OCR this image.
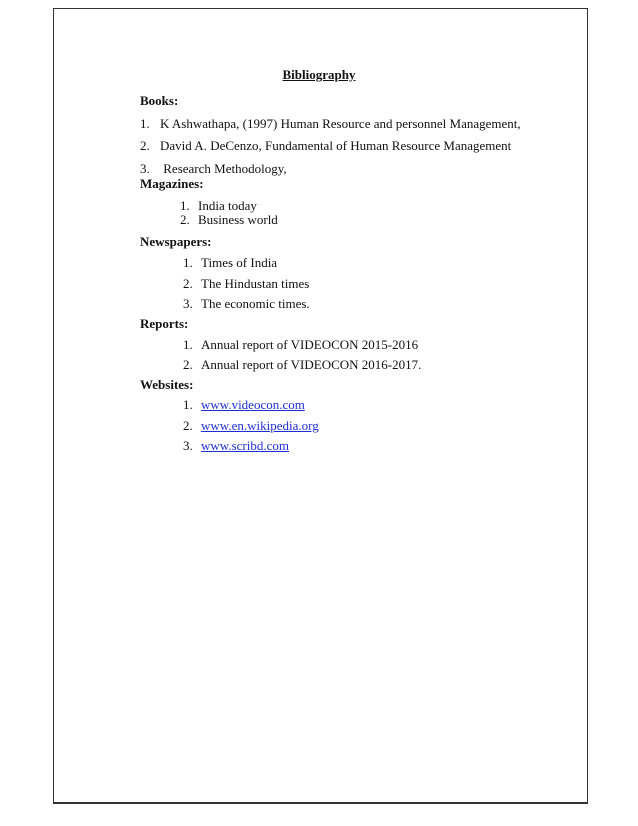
Bibliography
Books:
1. K Ashwathapa, (1997) Human Resource and personnel Management,
2. David A. DeCenzo, Fundamental of Human Resource Management
3. Research Methodology,
Magazines:
1. India today
2. Business world
Newspapers:
1. Times of India
2. The Hindustan times
3. The economic times.
Reports:
1. Annual report of VIDEOCON 2015-2016
2. Annual report of VIDEOCON 2016-2017.
Websites:
1. www.videocon.com
2. www.en.wikipedia.org
3. www.scribd.com
